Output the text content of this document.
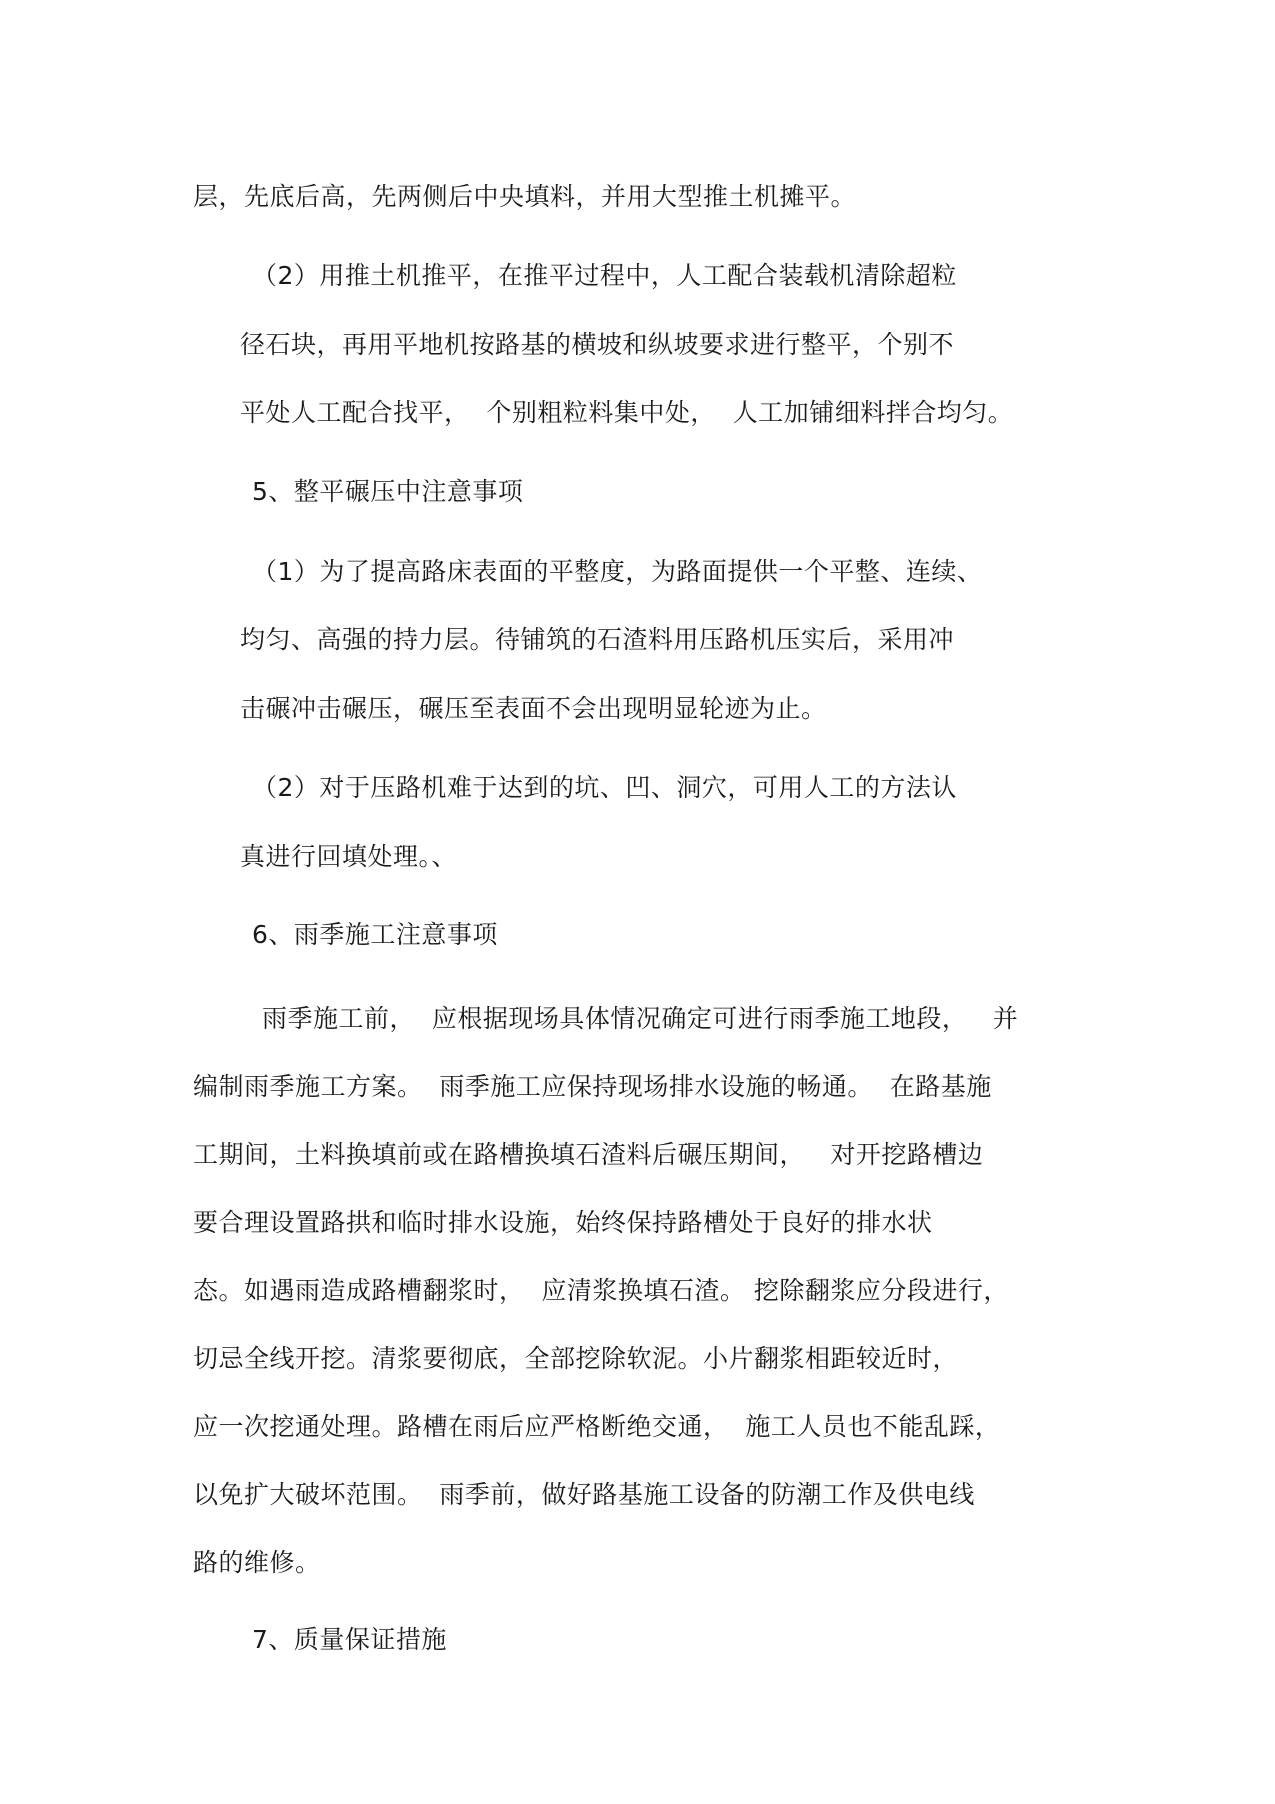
层，先底后高，先两侧后中央填料，并用大型推土机摊平。
（2）用推土机推平，在推平过程中，人工配合装载机清除超粒
径石块，再用平地机按路基的横坡和纵坡要求进行整平，个别不
平处人工配合找平，  个别粗粒料集中处，  人工加铺细料拌合均匀。
5、整平碾压中注意事项
（1）为了提高路床表面的平整度，为路面提供一个平整、连续、
均匀、高强的持力层。待铺筑的石渣料用压路机压实后，采用冲
击碾冲击碾压，碾压至表面不会出现明显轮迹为止。
（2）对于压路机难于达到的坑、凹、洞穴，可用人工的方法认
真进行回填处理。、
6、雨季施工注意事项
雨季施工前，  应根据现场具体情况确定可进行雨季施工地段，   并
编制雨季施工方案。  雨季施工应保持现场排水设施的畅通。  在路基施
工期间，土料换填前或在路槽换填石渣料后碾压期间，   对开挖路槽边
要合理设置路拱和临时排水设施，始终保持路槽处于良好的排水状
态。如遇雨造成路槽翻浆时，  应清浆换填石渣。 挖除翻浆应分段进行，
切忌全线开挖。清浆要彻底，全部挖除软泥。小片翻浆相距较近时，
应一次挖通处理。路槽在雨后应严格断绝交通，  施工人员也不能乱踩，
以免扩大破坏范围。  雨季前，做好路基施工设备的防潮工作及供电线
路的维修。
7、质量保证措施
